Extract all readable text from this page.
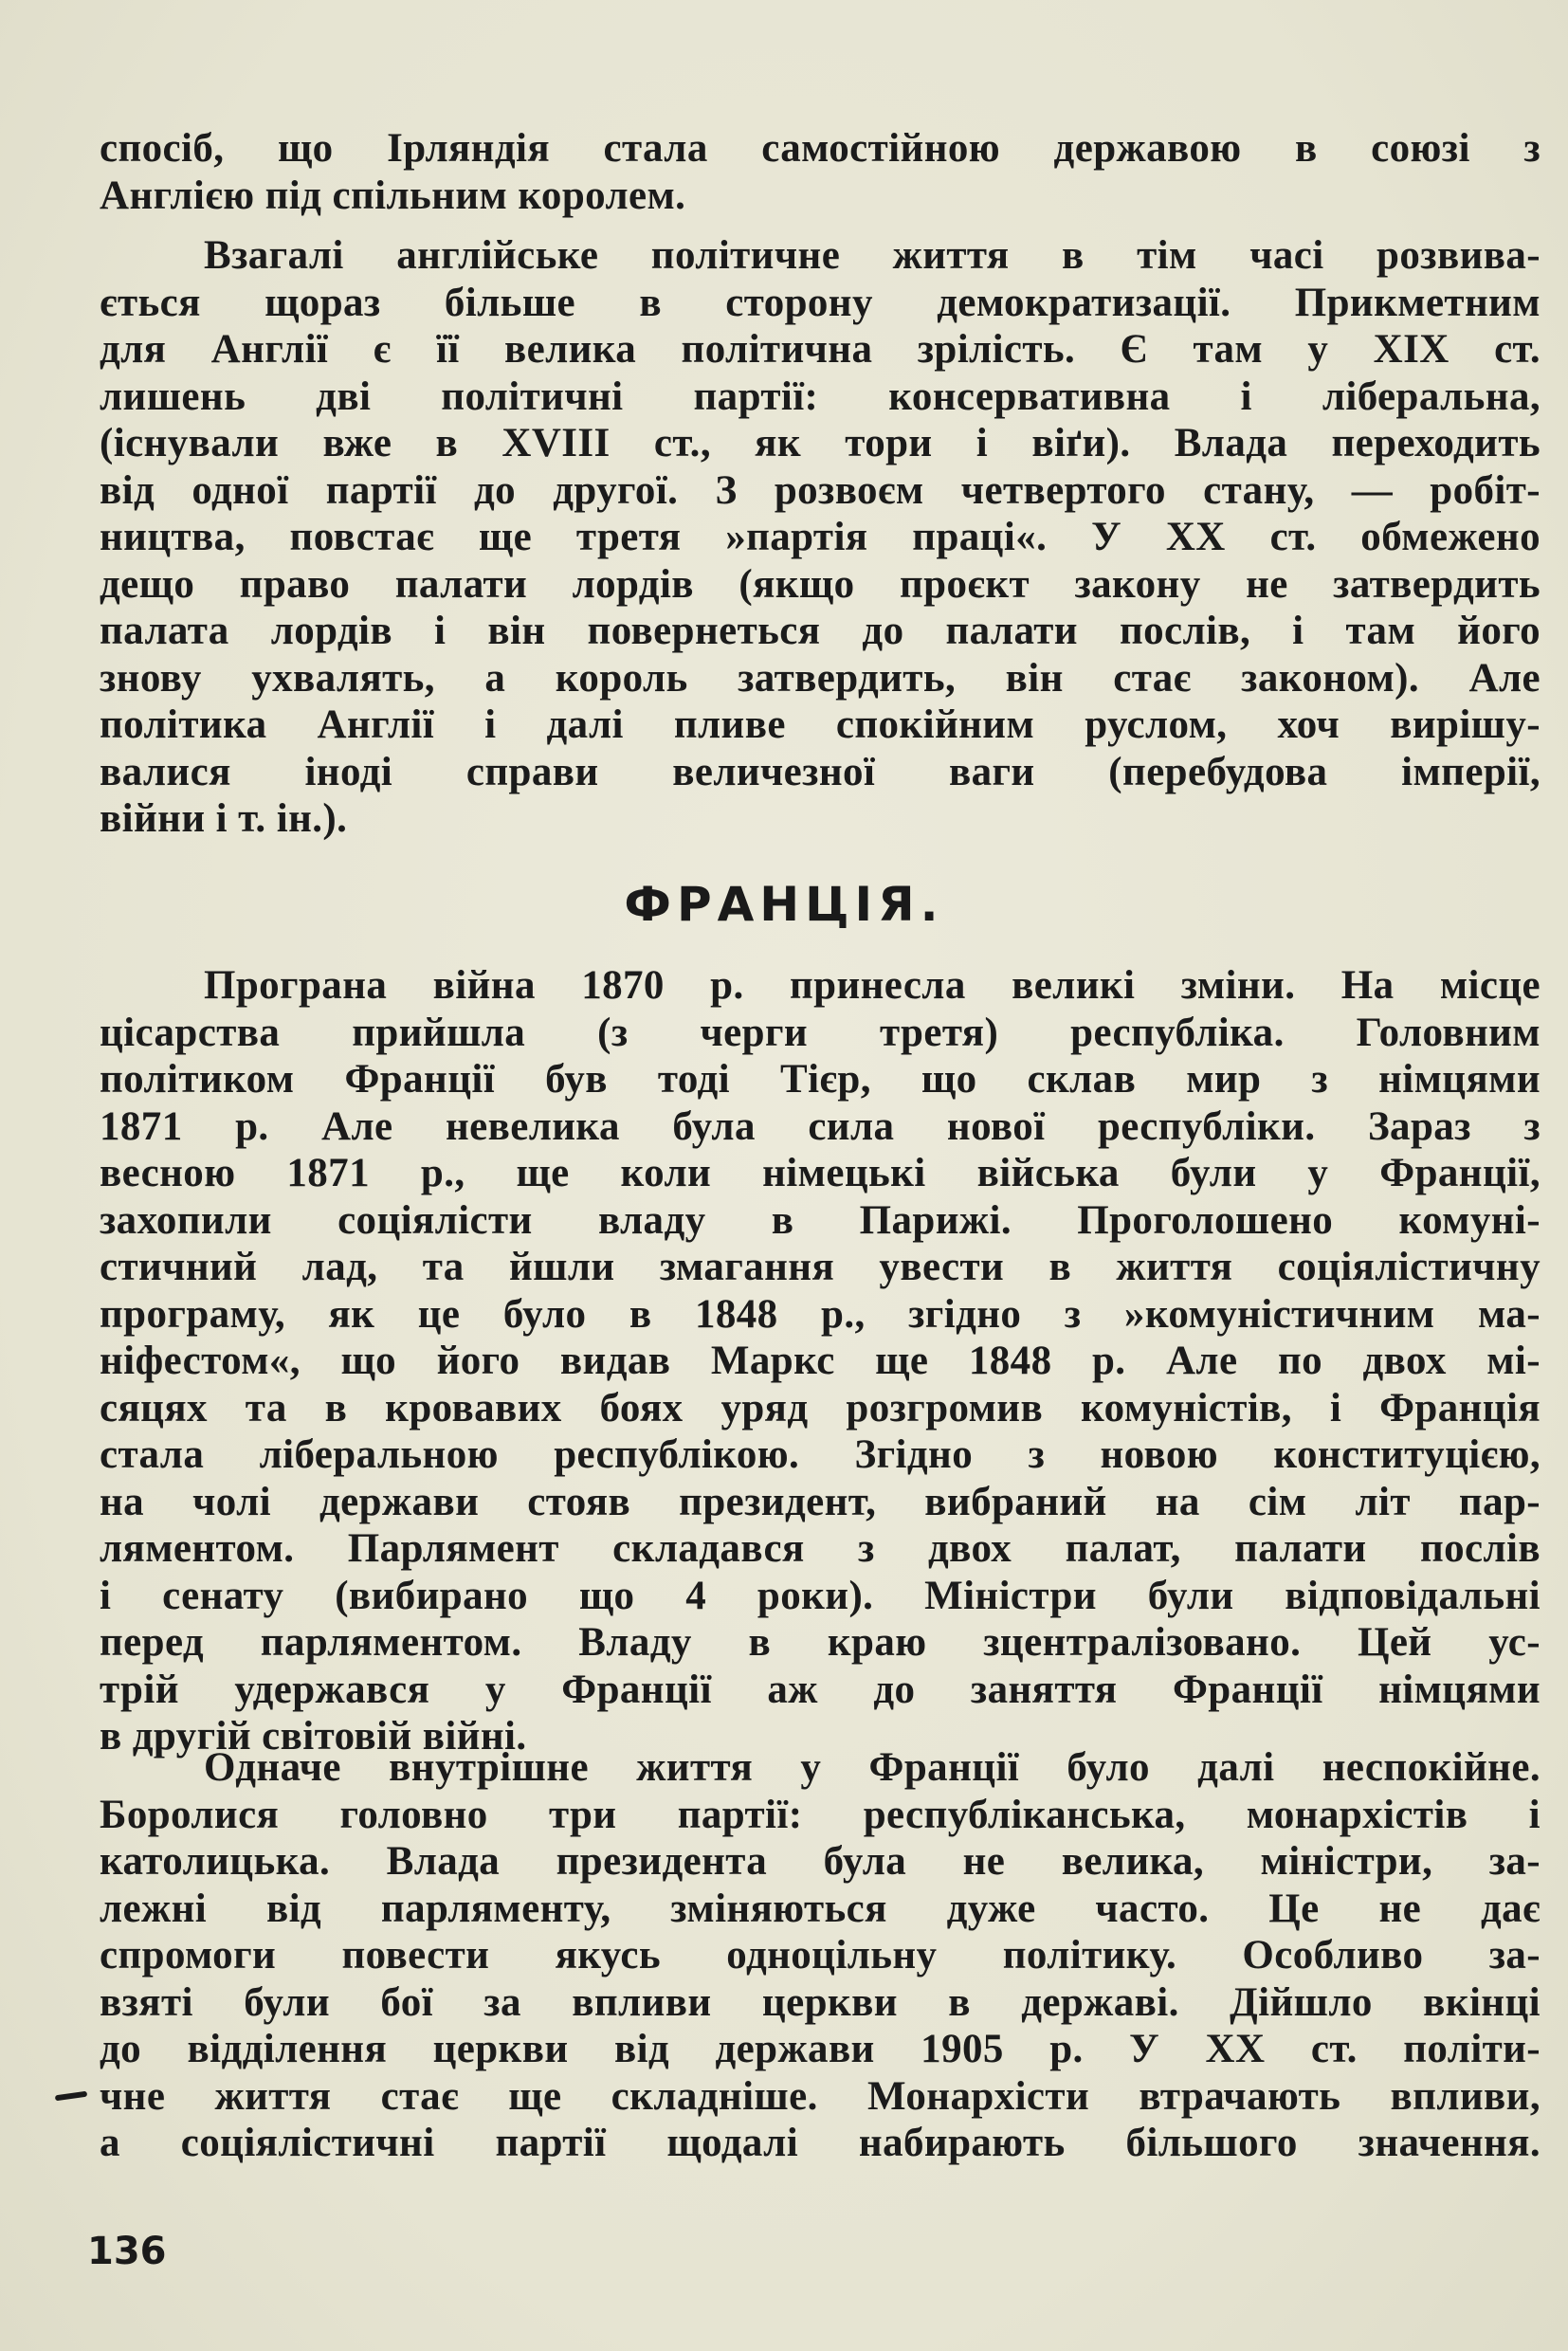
спосіб, що Ірляндія стала самостійною державою в союзі з
Англією під спільним королем.
Взагалі англійське політичне життя в тім часі розвива-
ється щораз більше в сторону демократизації. Прикметним
для Англії є її велика політична зрілість. Є там у XIX ст.
лишень дві політичні партії: консервативна і ліберальна,
(існували вже в XVIII ст., як тори і віґи). Влада переходить
від одної партії до другої. З розвоєм четвертого стану, — робіт-
ництва, повстає ще третя »партія праці«. У XX ст. обмежено
дещо право палати лордів (якщо проєкт закону не затвердить
палата лордів і він повернеться до палати послів, і там його
знову ухвалять, а король затвердить, він стає законом). Але
політика Англії і далі пливе спокійним руслом, хоч вирішу-
валися іноді справи величезної ваги (перебудова імперії,
війни і т. ін.).
ФРАНЦІЯ.
Програна війна 1870 р. принесла великі зміни. На місце
цісарства прийшла (з черги третя) республіка. Головним
політиком Франції був тоді Тієр, що склав мир з німцями
1871 р. Але невелика була сила нової республіки. Зараз з
весною 1871 р., ще коли німецькі війська були у Франції,
захопили соціялісти владу в Парижі. Проголошено комуні-
стичний лад, та йшли змагання увести в життя соціялістичну
програму, як це було в 1848 р., згідно з »комуністичним ма-
ніфестом«, що його видав Маркс ще 1848 р. Але по двох мі-
сяцях та в кровавих боях уряд розгромив комуністів, і Франція
стала ліберальною республікою. Згідно з новою конституцією,
на чолі держави стояв президент, вибраний на сім літ пар-
ляментом. Парлямент складався з двох палат, палати послів
і сенату (вибирано що 4 роки). Міністри були відповідальні
перед парляментом. Владу в краю зцентралізовано. Цей ус-
трій удержався у Франції аж до заняття Франції німцями
в другій світовій війні.
Одначе внутрішне життя у Франції було далі неспокійне.
Боролися головно три партії: республіканська, монархістів і
католицька. Влада президента була не велика, міністри, за-
лежні від парляменту, зміняються дуже часто. Це не дає
спромоги повести якусь одноцільну політику. Особливо за-
взяті були бої за впливи церкви в державі. Дійшло вкінці
до відділення церкви від держави 1905 р. У XX ст. політи-
чне життя стає ще складніше. Монархісти втрачають впливи,
а соціялістичні партії щодалі набирають більшого значення.
136
